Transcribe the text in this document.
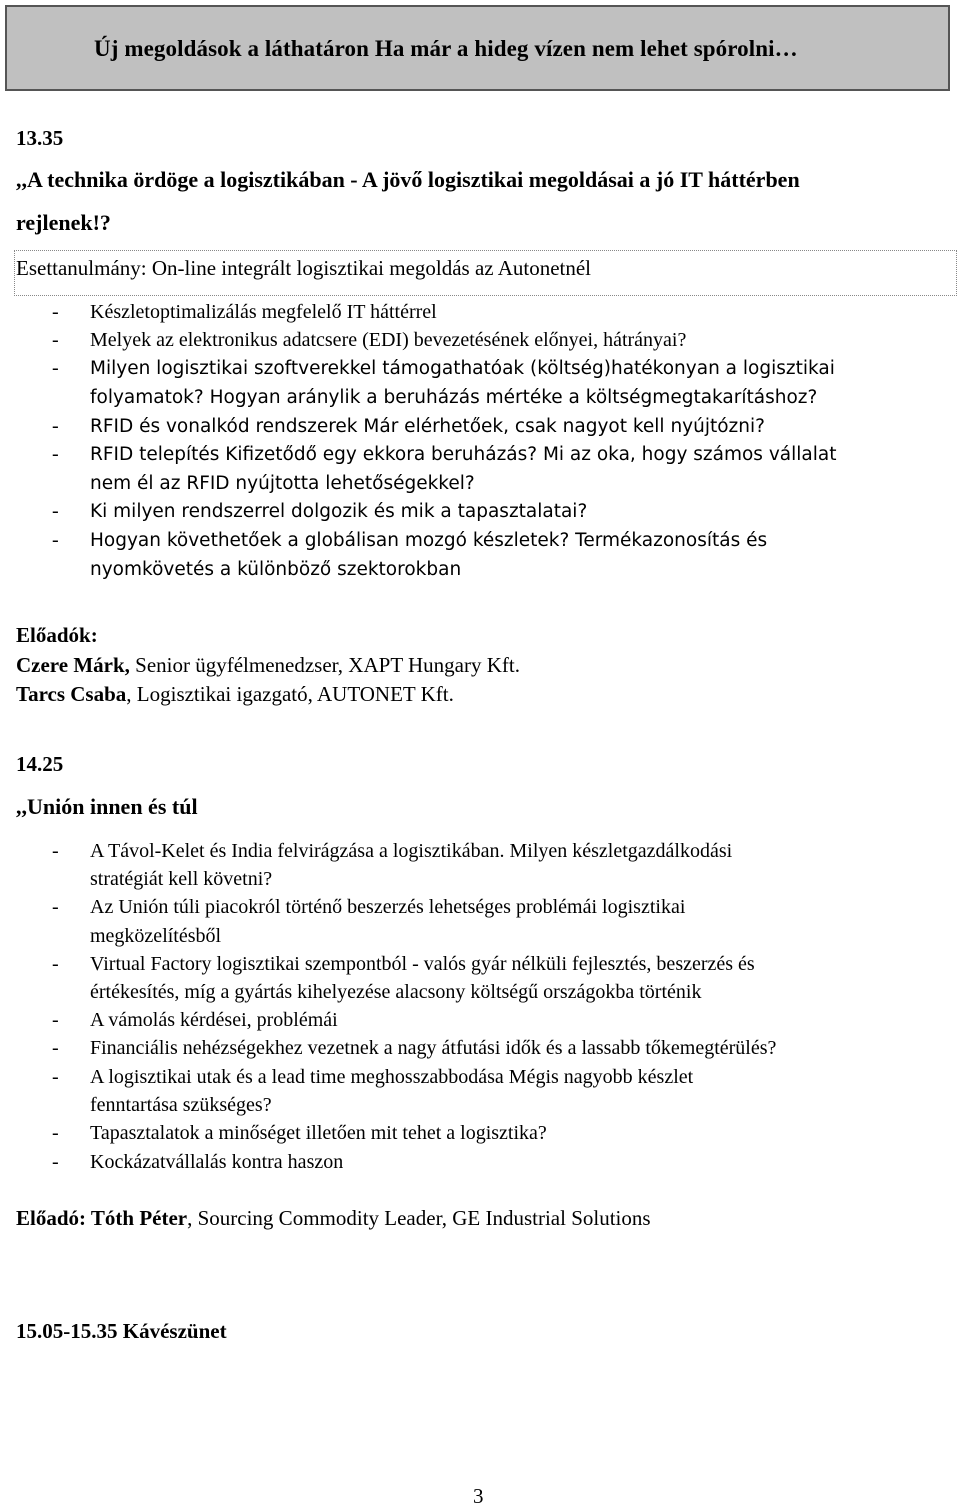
Új megoldások a láthatáron Ha már a hideg vízen nem lehet spórolni…
13.35
,,A technika ördöge a logisztikában - A jövő logisztikai megoldásai a jó IT háttérben
rejlenek!?
Esettanulmány: On-line integrált logisztikai megoldás az Autonetnél
- Készletoptimalizálás megfelelő IT háttérrel
- Melyek az elektronikus adatcsere (EDI) bevezetésének előnyei, hátrányai?
- Milyen logisztikai szoftverekkel támogathatóak (költség)hatékonyan a logisztikai
folyamatok? Hogyan aránylik a beruházás mértéke a költségmegtakarításhoz?
- RFID és vonalkód rendszerek Már elérhetőek, csak nagyot kell nyújtózni?
- RFID telepítés Kifizetődő egy ekkora beruházás? Mi az oka, hogy számos vállalat
nem él az RFID nyújtotta lehetőségekkel?
- Ki milyen rendszerrel dolgozik és mik a tapasztalatai?
- Hogyan követhetőek a globálisan mozgó készletek? Termékazonosítás és
nyomkövetés a különböző szektorokban
Előadók:
Czere Márk, Senior ügyfélmenedzser, XAPT Hungary Kft.
Tarcs Csaba, Logisztikai igazgató, AUTONET Kft.
14.25
,,Unión innen és túl
- A Távol-Kelet és India felvirágzása a logisztikában. Milyen készletgazdálkodási
stratégiát kell követni?
- Az Unión túli piacokról történő beszerzés lehetséges problémái logisztikai
megközelítésből
- Virtual Factory logisztikai szempontból - valós gyár nélküli fejlesztés, beszerzés és
értékesítés, míg a gyártás kihelyezése alacsony költségű országokba történik
- A vámolás kérdései, problémái
- Financiális nehézségekhez vezetnek a nagy átfutási idők és a lassabb tőkemegtérülés?
- A logisztikai utak és a lead time meghosszabbodása Mégis nagyobb készlet
fenntartása szükséges?
- Tapasztalatok a minőséget illetően mit tehet a logisztika?
- Kockázatvállalás kontra haszon
Előadó: Tóth Péter, Sourcing Commodity Leader, GE Industrial Solutions
15.05-15.35 Kávészünet
3
